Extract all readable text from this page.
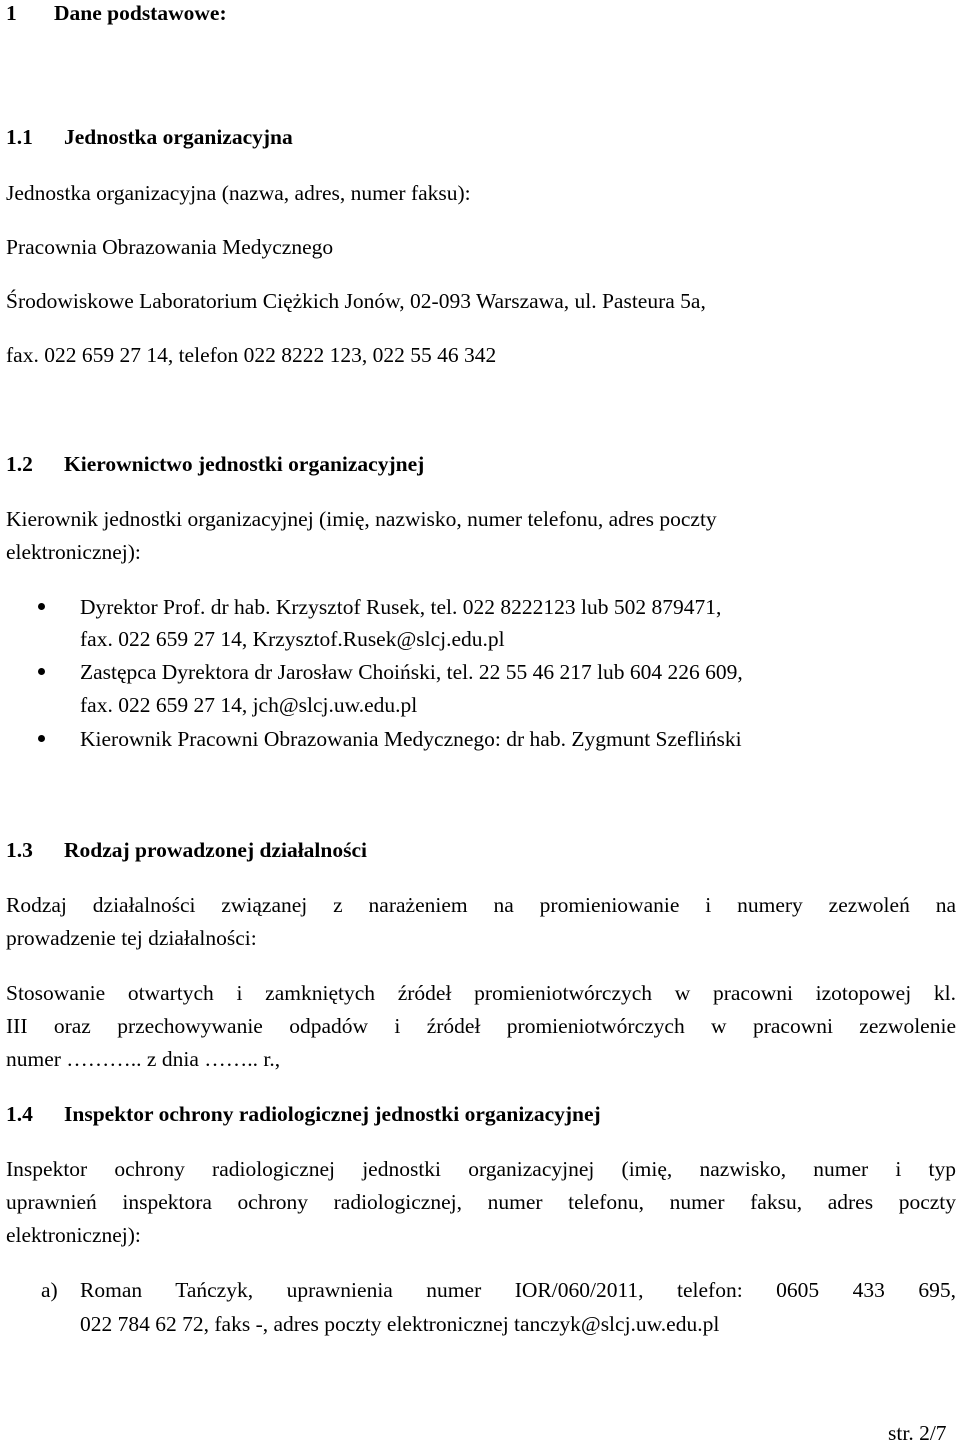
1 Dane podstawowe:
1.1 Jednostka organizacyjna
Jednostka organizacyjna (nazwa, adres, numer faksu):
Pracownia Obrazowania Medycznego
Środowiskowe Laboratorium Ciężkich Jonów, 02-093 Warszawa, ul. Pasteura 5a,
fax. 022 659 27 14, telefon 022 8222 123, 022 55 46 342
1.2 Kierownictwo jednostki organizacyjnej
Kierownik jednostki organizacyjnej (imię, nazwisko, numer telefonu, adres poczty
elektronicznej):
Dyrektor Prof. dr hab. Krzysztof Rusek, tel. 022 8222123 lub 502 879471,
fax. 022 659 27 14, Krzysztof.Rusek@slcj.edu.pl
Zastępca Dyrektora dr Jarosław Choiński, tel. 22 55 46 217 lub 604 226 609,
fax. 022 659 27 14, jch@slcj.uw.edu.pl
Kierownik Pracowni Obrazowania Medycznego: dr hab. Zygmunt Szefliński
1.3 Rodzaj prowadzonej działalności
Rodzaj działalności związanej z narażeniem na promieniowanie i numery zezwoleń na
prowadzenie tej działalności:
Stosowanie otwartych i zamkniętych źródeł promieniotwórczych w pracowni izotopowej kl.
III oraz przechowywanie odpadów i źródeł promieniotwórczych w pracowni zezwolenie
numer ……….. z dnia …….. r.,
1.4 Inspektor ochrony radiologicznej jednostki organizacyjnej
Inspektor ochrony radiologicznej jednostki organizacyjnej (imię, nazwisko, numer i typ
uprawnień inspektora ochrony radiologicznej, numer telefonu, numer faksu, adres poczty
elektronicznej):
a) Roman Tańczyk, uprawnienia numer IOR/060/2011, telefon: 0605 433 695,
022 784 62 72, faks -, adres poczty elektronicznej tanczyk@slcj.uw.edu.pl
str. 2/7
